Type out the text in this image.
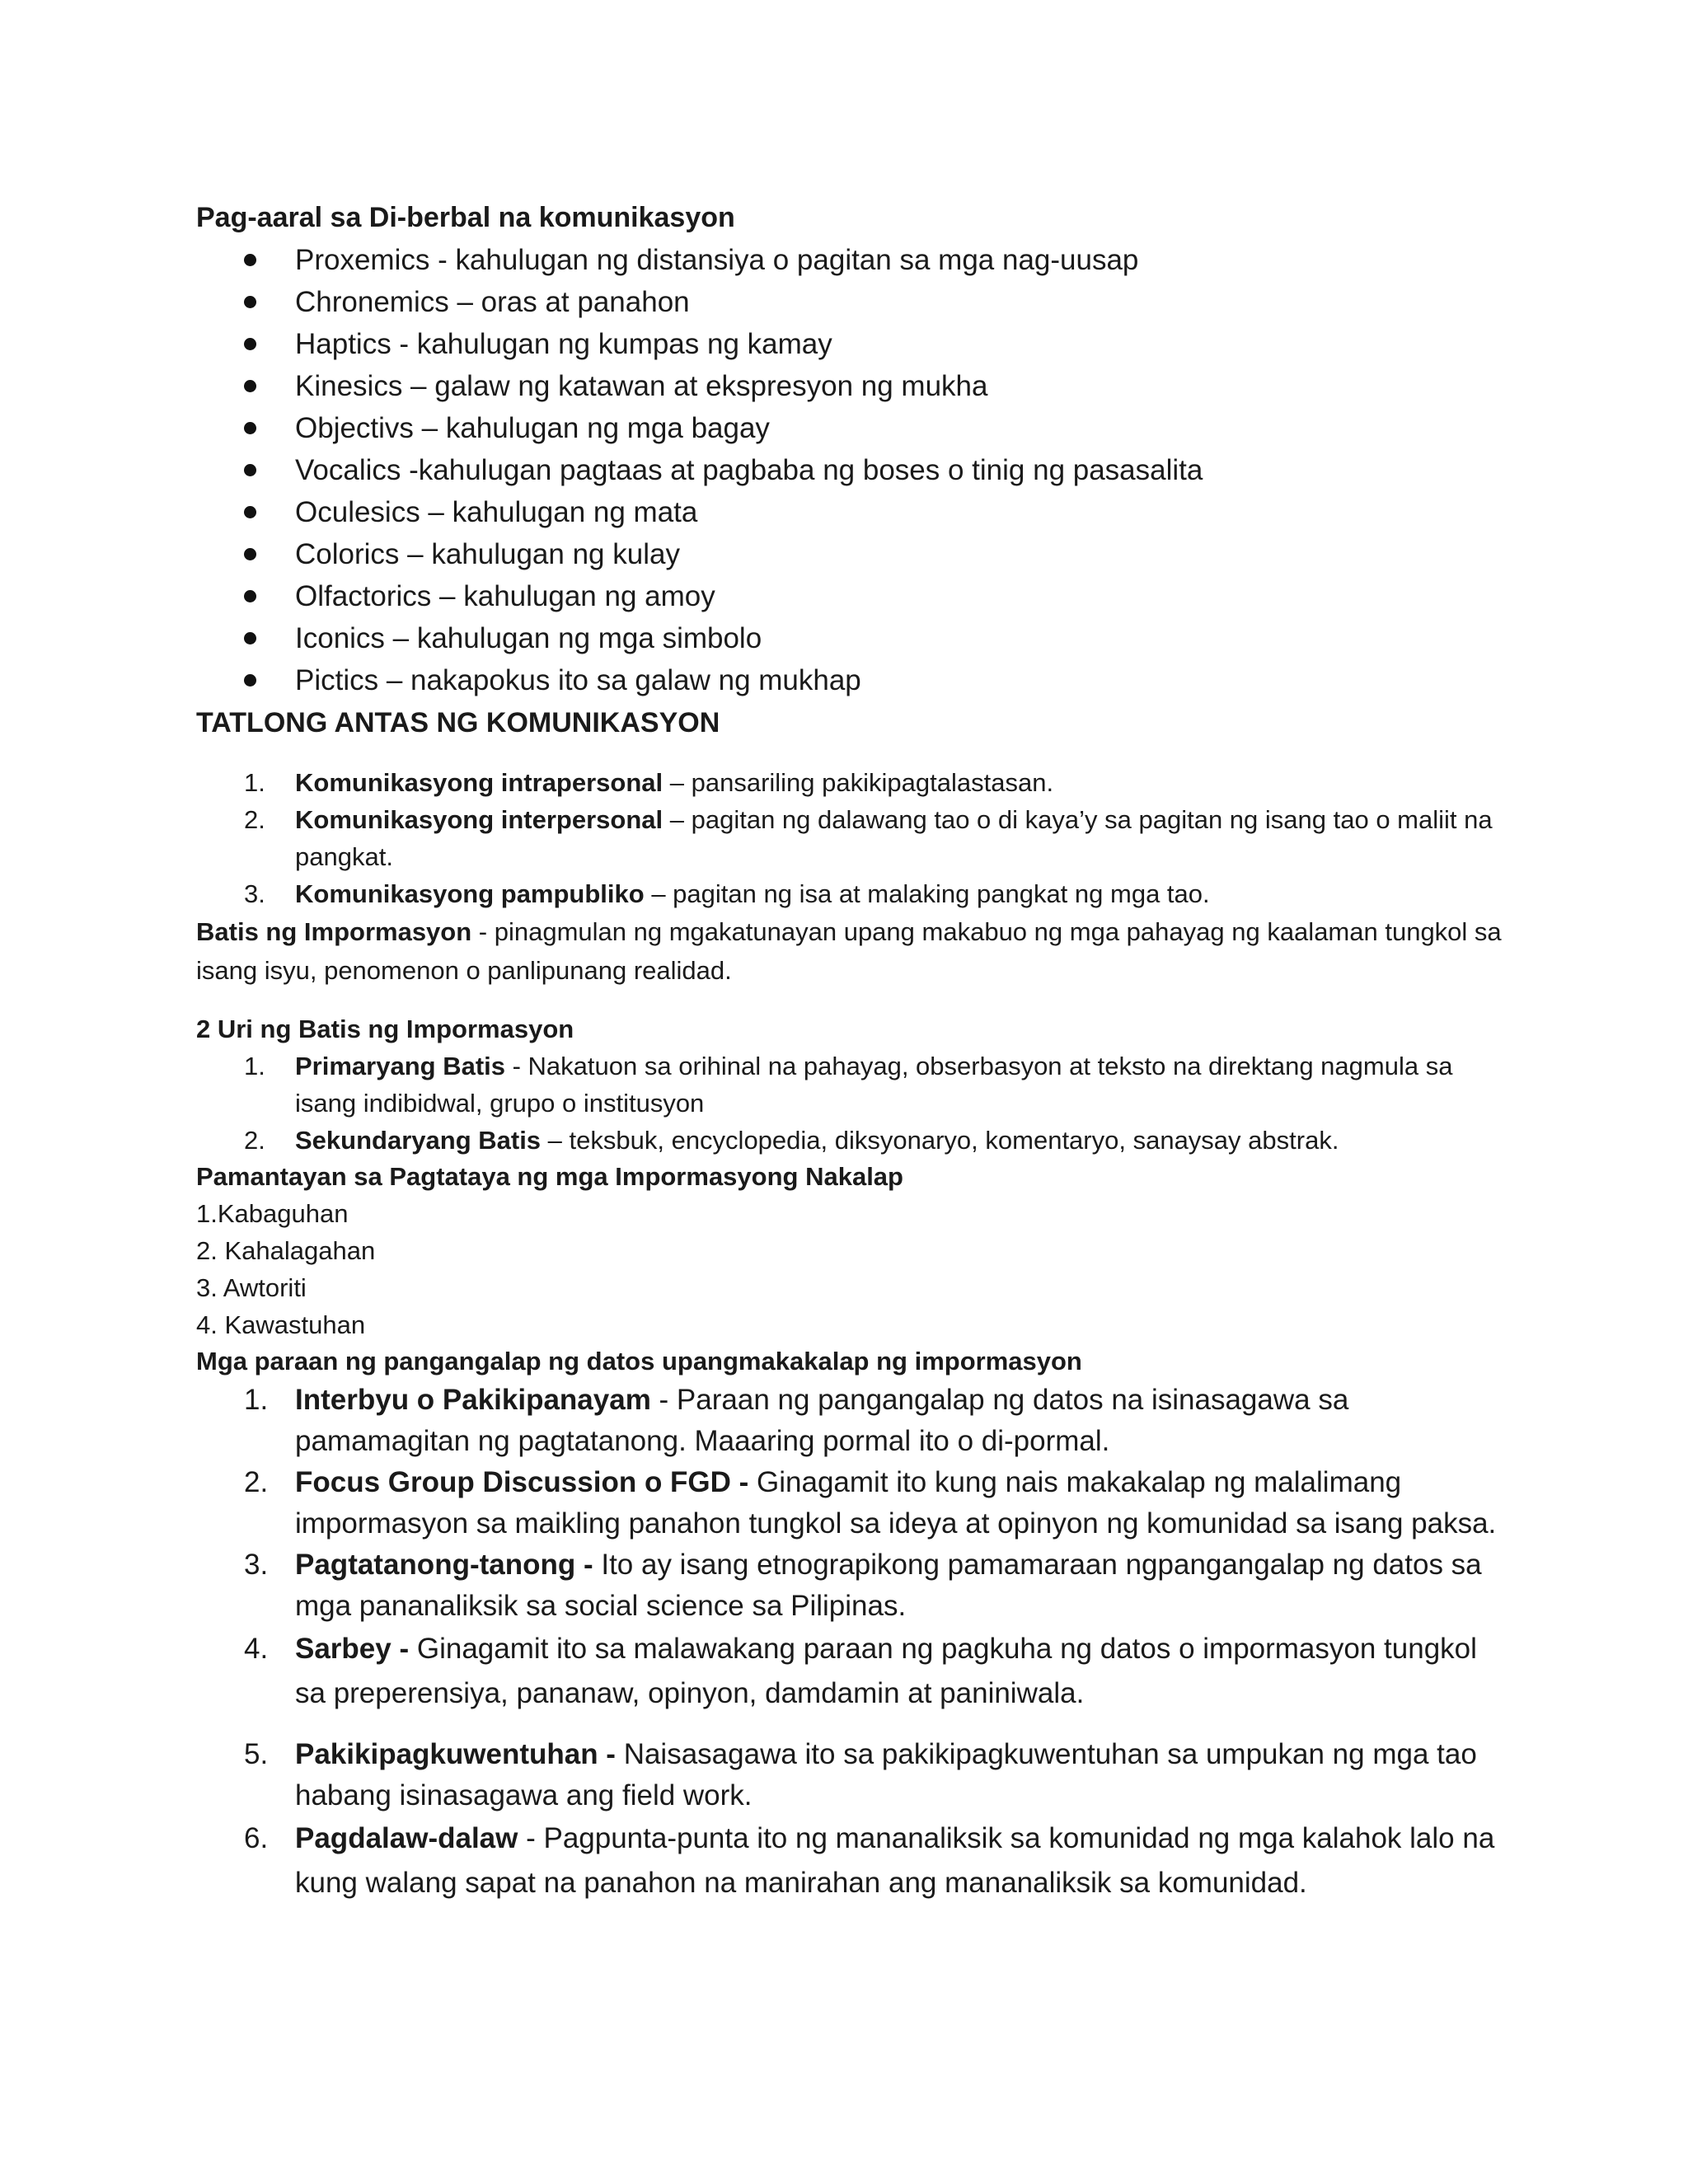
Pag-aaral sa Di-berbal na komunikasyon

Proxemics - kahulugan ng distansiya o pagitan sa mga nag-uusap
Chronemics – oras at panahon
Haptics - kahulugan ng kumpas ng kamay
Kinesics – galaw ng katawan at ekspresyon ng mukha
Objectivs – kahulugan ng mga bagay
Vocalics -kahulugan pagtaas at pagbaba ng boses o tinig ng pasasalita
Oculesics – kahulugan ng mata
Colorics – kahulugan ng kulay
Olfactorics – kahulugan ng amoy
Iconics – kahulugan ng mga simbolo
Pictics – nakapokus ito sa galaw ng mukhap

TATLONG ANTAS NG KOMUNIKASYON

1. Komunikasyong intrapersonal – pansariling pakikipagtalastasan.
2. Komunikasyong interpersonal – pagitan ng dalawang tao o di kaya’y sa pagitan ng isang tao o maliit na pangkat.
3. Komunikasyong pampubliko – pagitan ng isa at malaking pangkat ng mga tao.

Batis ng Impormasyon - pinagmulan ng mgakatunayan upang makabuo ng mga pahayag ng kaalaman tungkol sa isang isyu, penomenon o panlipunang realidad.

2 Uri ng Batis ng Impormasyon

1. Primaryang Batis - Nakatuon sa orihinal na pahayag, obserbasyon at teksto na direktang nagmula sa isang indibidwal, grupo o institusyon
2. Sekundaryang Batis – teksbuk, encyclopedia, diksyonaryo, komentaryo, sanaysay abstrak.

Pamantayan sa Pagtataya ng mga Impormasyong Nakalap

1.Kabaguhan

2. Kahalagahan

3. Awtoriti

4. Kawastuhan

Mga paraan ng pangangalap ng datos upangmakakalap ng impormasyon

1. Interbyu o Pakikipanayam - Paraan ng pangangalap ng datos na isinasagawa sa pamamagitan ng pagtatanong. Maaaring pormal ito o di-pormal.
2. Focus Group Discussion o FGD - Ginagamit ito kung nais makakalap ng malalimang impormasyon sa maikling panahon tungkol sa ideya at opinyon ng komunidad sa isang paksa.
3. Pagtatanong-tanong - Ito ay isang etnograpikong pamamaraan ngpangangalap ng datos sa mga pananaliksik sa social science sa Pilipinas.
4. Sarbey - Ginagamit ito sa malawakang paraan ng pagkuha ng datos o impormasyon tungkol sa preperensiya, pananaw, opinyon, damdamin at paniniwala.
5. Pakikipagkuwentuhan - Naisasagawa ito sa pakikipagkuwentuhan sa umpukan ng mga tao habang isinasagawa ang field work.
6. Pagdalaw-dalaw - Pagpunta-punta ito ng mananaliksik sa komunidad ng mga kalahok lalo na kung walang sapat na panahon na manirahan ang mananaliksik sa komunidad.
